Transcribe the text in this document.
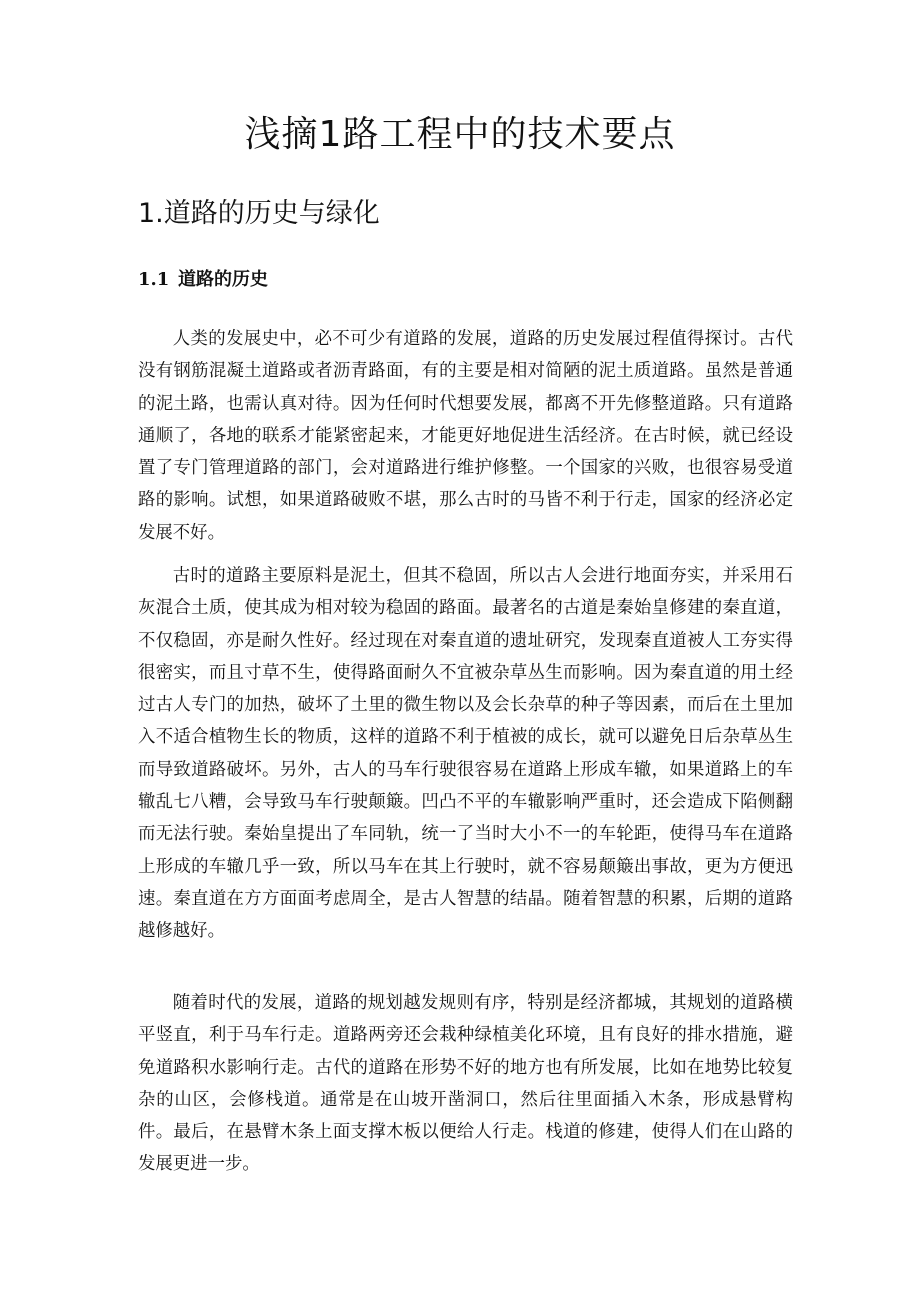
浅摘1路工程中的技术要点
1.道路的历史与绿化
1.1 道路的历史

人类的发展史中，必不可少有道路的发展，道路的历史发展过程值得探讨。古代没有钢筋混凝土道路或者沥青路面，有的主要是相对简陋的泥土质道路。虽然是普通的泥土路，也需认真对待。因为任何时代想要发展，都离不开先修整道路。只有道路通顺了，各地的联系才能紧密起来，才能更好地促进生活经济。在古时候，就已经设置了专门管理道路的部门，会对道路进行维护修整。一个国家的兴败，也很容易受道路的影响。试想，如果道路破败不堪，那么古时的马皆不利于行走，国家的经济必定发展不好。

古时的道路主要原料是泥土，但其不稳固，所以古人会进行地面夯实，并采用石灰混合土质，使其成为相对较为稳固的路面。最著名的古道是秦始皇修建的秦直道，不仅稳固，亦是耐久性好。经过现在对秦直道的遗址研究，发现秦直道被人工夯实得很密实，而且寸草不生，使得路面耐久不宜被杂草丛生而影响。因为秦直道的用土经过古人专门的加热，破坏了土里的微生物以及会长杂草的种子等因素，而后在土里加入不适合植物生长的物质，这样的道路不利于植被的成长，就可以避免日后杂草丛生而导致道路破坏。另外，古人的马车行驶很容易在道路上形成车辙，如果道路上的车辙乱七八糟，会导致马车行驶颠簸。凹凸不平的车辙影响严重时，还会造成下陷侧翻而无法行驶。秦始皇提出了车同轨，统一了当时大小不一的车轮距，使得马车在道路上形成的车辙几乎一致，所以马车在其上行驶时，就不容易颠簸出事故，更为方便迅速。秦直道在方方面面考虑周全，是古人智慧的结晶。随着智慧的积累，后期的道路越修越好。

随着时代的发展，道路的规划越发规则有序，特别是经济都城，其规划的道路横平竖直，利于马车行走。道路两旁还会栽种绿植美化环境，且有良好的排水措施，避免道路积水影响行走。古代的道路在形势不好的地方也有所发展，比如在地势比较复杂的山区，会修栈道。通常是在山坡开凿洞口，然后往里面插入木条，形成悬臂构件。最后，在悬臂木条上面支撑木板以便给人行走。栈道的修建，使得人们在山路的发展更进一步。
